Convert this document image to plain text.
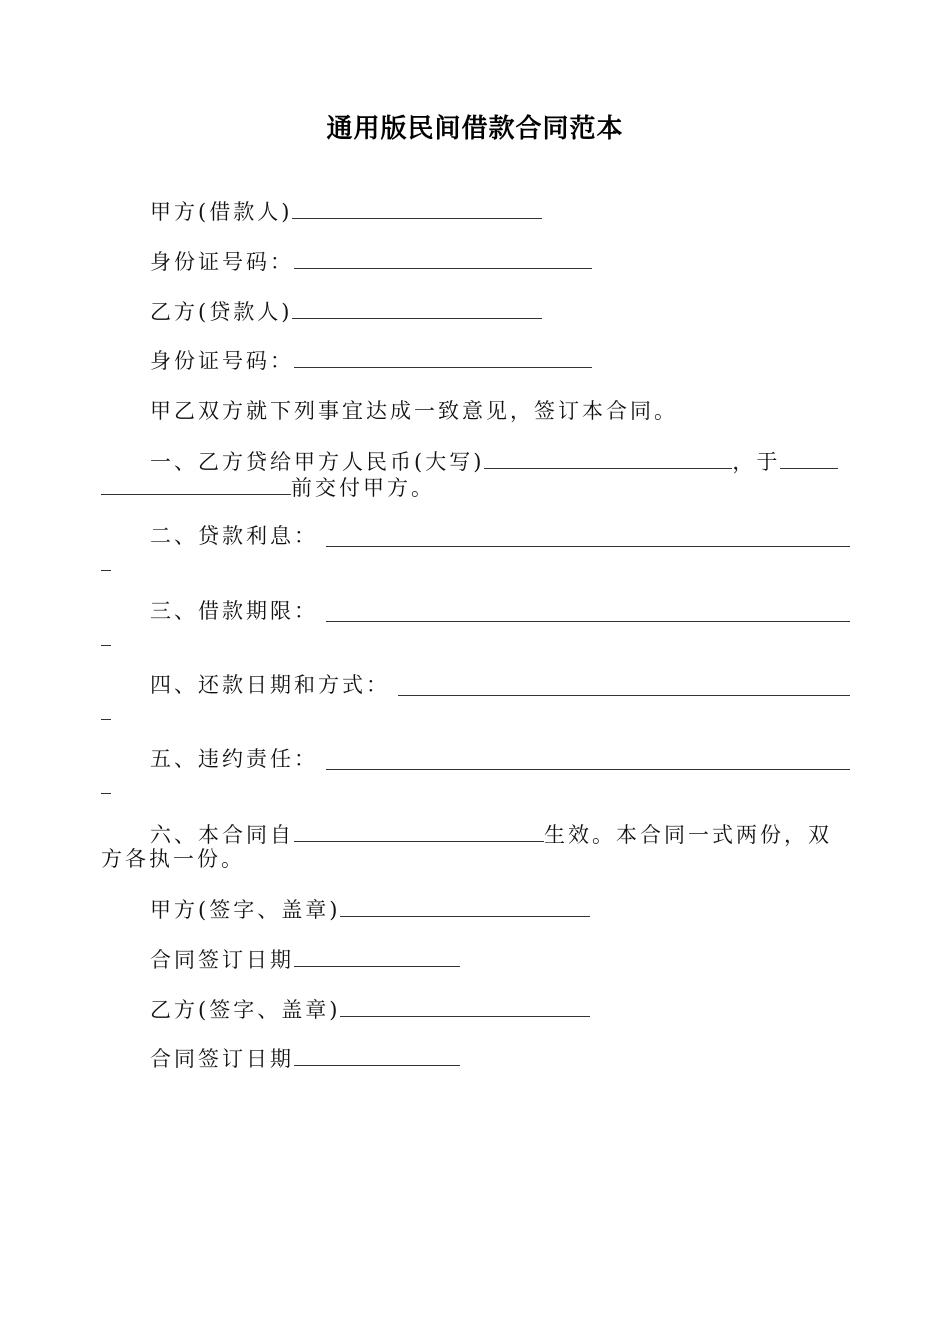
通用版民间借款合同范本
甲方(借款人)
身份证号码：
乙方(贷款人)
身份证号码：
甲乙双方就下列事宜达成一致意见，签订本合同。
一、乙方贷给甲方人民币(大写)	，于
前交付甲方。
二、贷款利息：
三、借款期限：
四、还款日期和方式：
五、违约责任：
六、本合同自	生效。本合同一式两份，双
方各执一份。
甲方(签字、盖章)
合同签订日期
乙方(签字、盖章)
合同签订日期
